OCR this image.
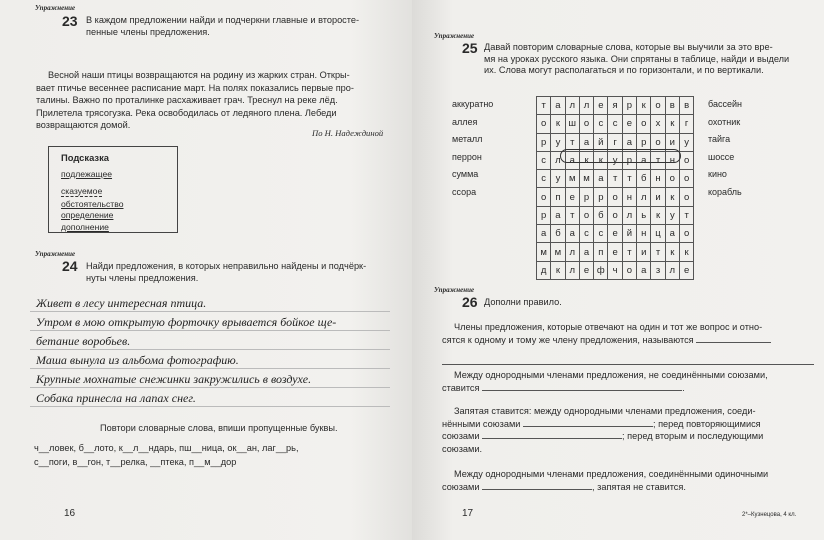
Упражнение
23 В каждом предложении найди и подчеркни главные и второсте-
пенные члены предложения.
Весной наши птицы возвращаются на родину из жарких стран. Откры-
вает птичье весеннее расписание март. На полях показались первые про-
талины. Важно по проталинке расхаживает грач. Треснул на реке лёд.
Прилетела трясогузка. Река освободилась от ледяного плена. Лебеди
возвращаются домой.
По Н. Надеждиной
Подсказка
подлежащее
сказуемое
обстоятельство
определение
дополнение
Упражнение
24 Найди предложения, в которых неправильно найдены и подчёрк-
нуты члены предложения.
Живет в лесу интересная птица.
Утром в мою открытую форточку врывается бойкое ще-
бетание воробьев.
Маша вынула из альбома фотографию.
Крупные мохнатые снежинки закружились в воздухе.
Собака принесла на лапах снег.
Повтори словарные слова, впиши пропущенные буквы.
ч__ловек, б__лото, к__л__ндарь, пш__ница, ок__ан, лаг__рь,
с__поги, в__гон, т__релка, __птека, п__м__дор
16
Упражнение
25 Давай повторим словарные слова, которые вы выучили за это вре-
мя на уроках русского языка. Они спрятаны в таблице, найди и выдели
их. Слова могут располагаться и по горизонтали, и по вертикали.
аккуратно
аллея
металл
перрон
сумма
ссора
т	а	л	л	е	я	р	к	о	в	в
о	к	ш	о	с	с	е	о	х	к	г
р	у	т	а	й	г	а	р	о	и	у
с	л	а	к	к	у	р	а	т	н	о
с	у	м	м	а	т	т	б	н	о	о
о	п	е	р	р	о	н	л	и	к	о
р	а	т	о	б	о	л	ь	к	у	т
а	б	а	с	с	е	й	н	ц	а	о
м	м	л	а	п	е	т	и	т	к	к
д	к	л	е	ф	ч	о	а	з	л	е
бассейн
охотник
тайга
шоссе
кино
корабль
Упражнение
26 Дополни правило.
Члены предложения, которые отвечают на один и тот же вопрос и отно-
сятся к одному и тому же члену предложения, называются
Между однородными членами предложения, не соединёнными союзами,
ставится	.
Запятая ставится: между однородными членами предложения, соеди-
нёнными союзами	; перед повторяющимися
союзами	; перед вторым и последующими
союзами.
Между однородными членами предложения, соединёнными одиночными
союзами	, запятая не ставится.
17	2*–Кузнецова, 4 кл.
